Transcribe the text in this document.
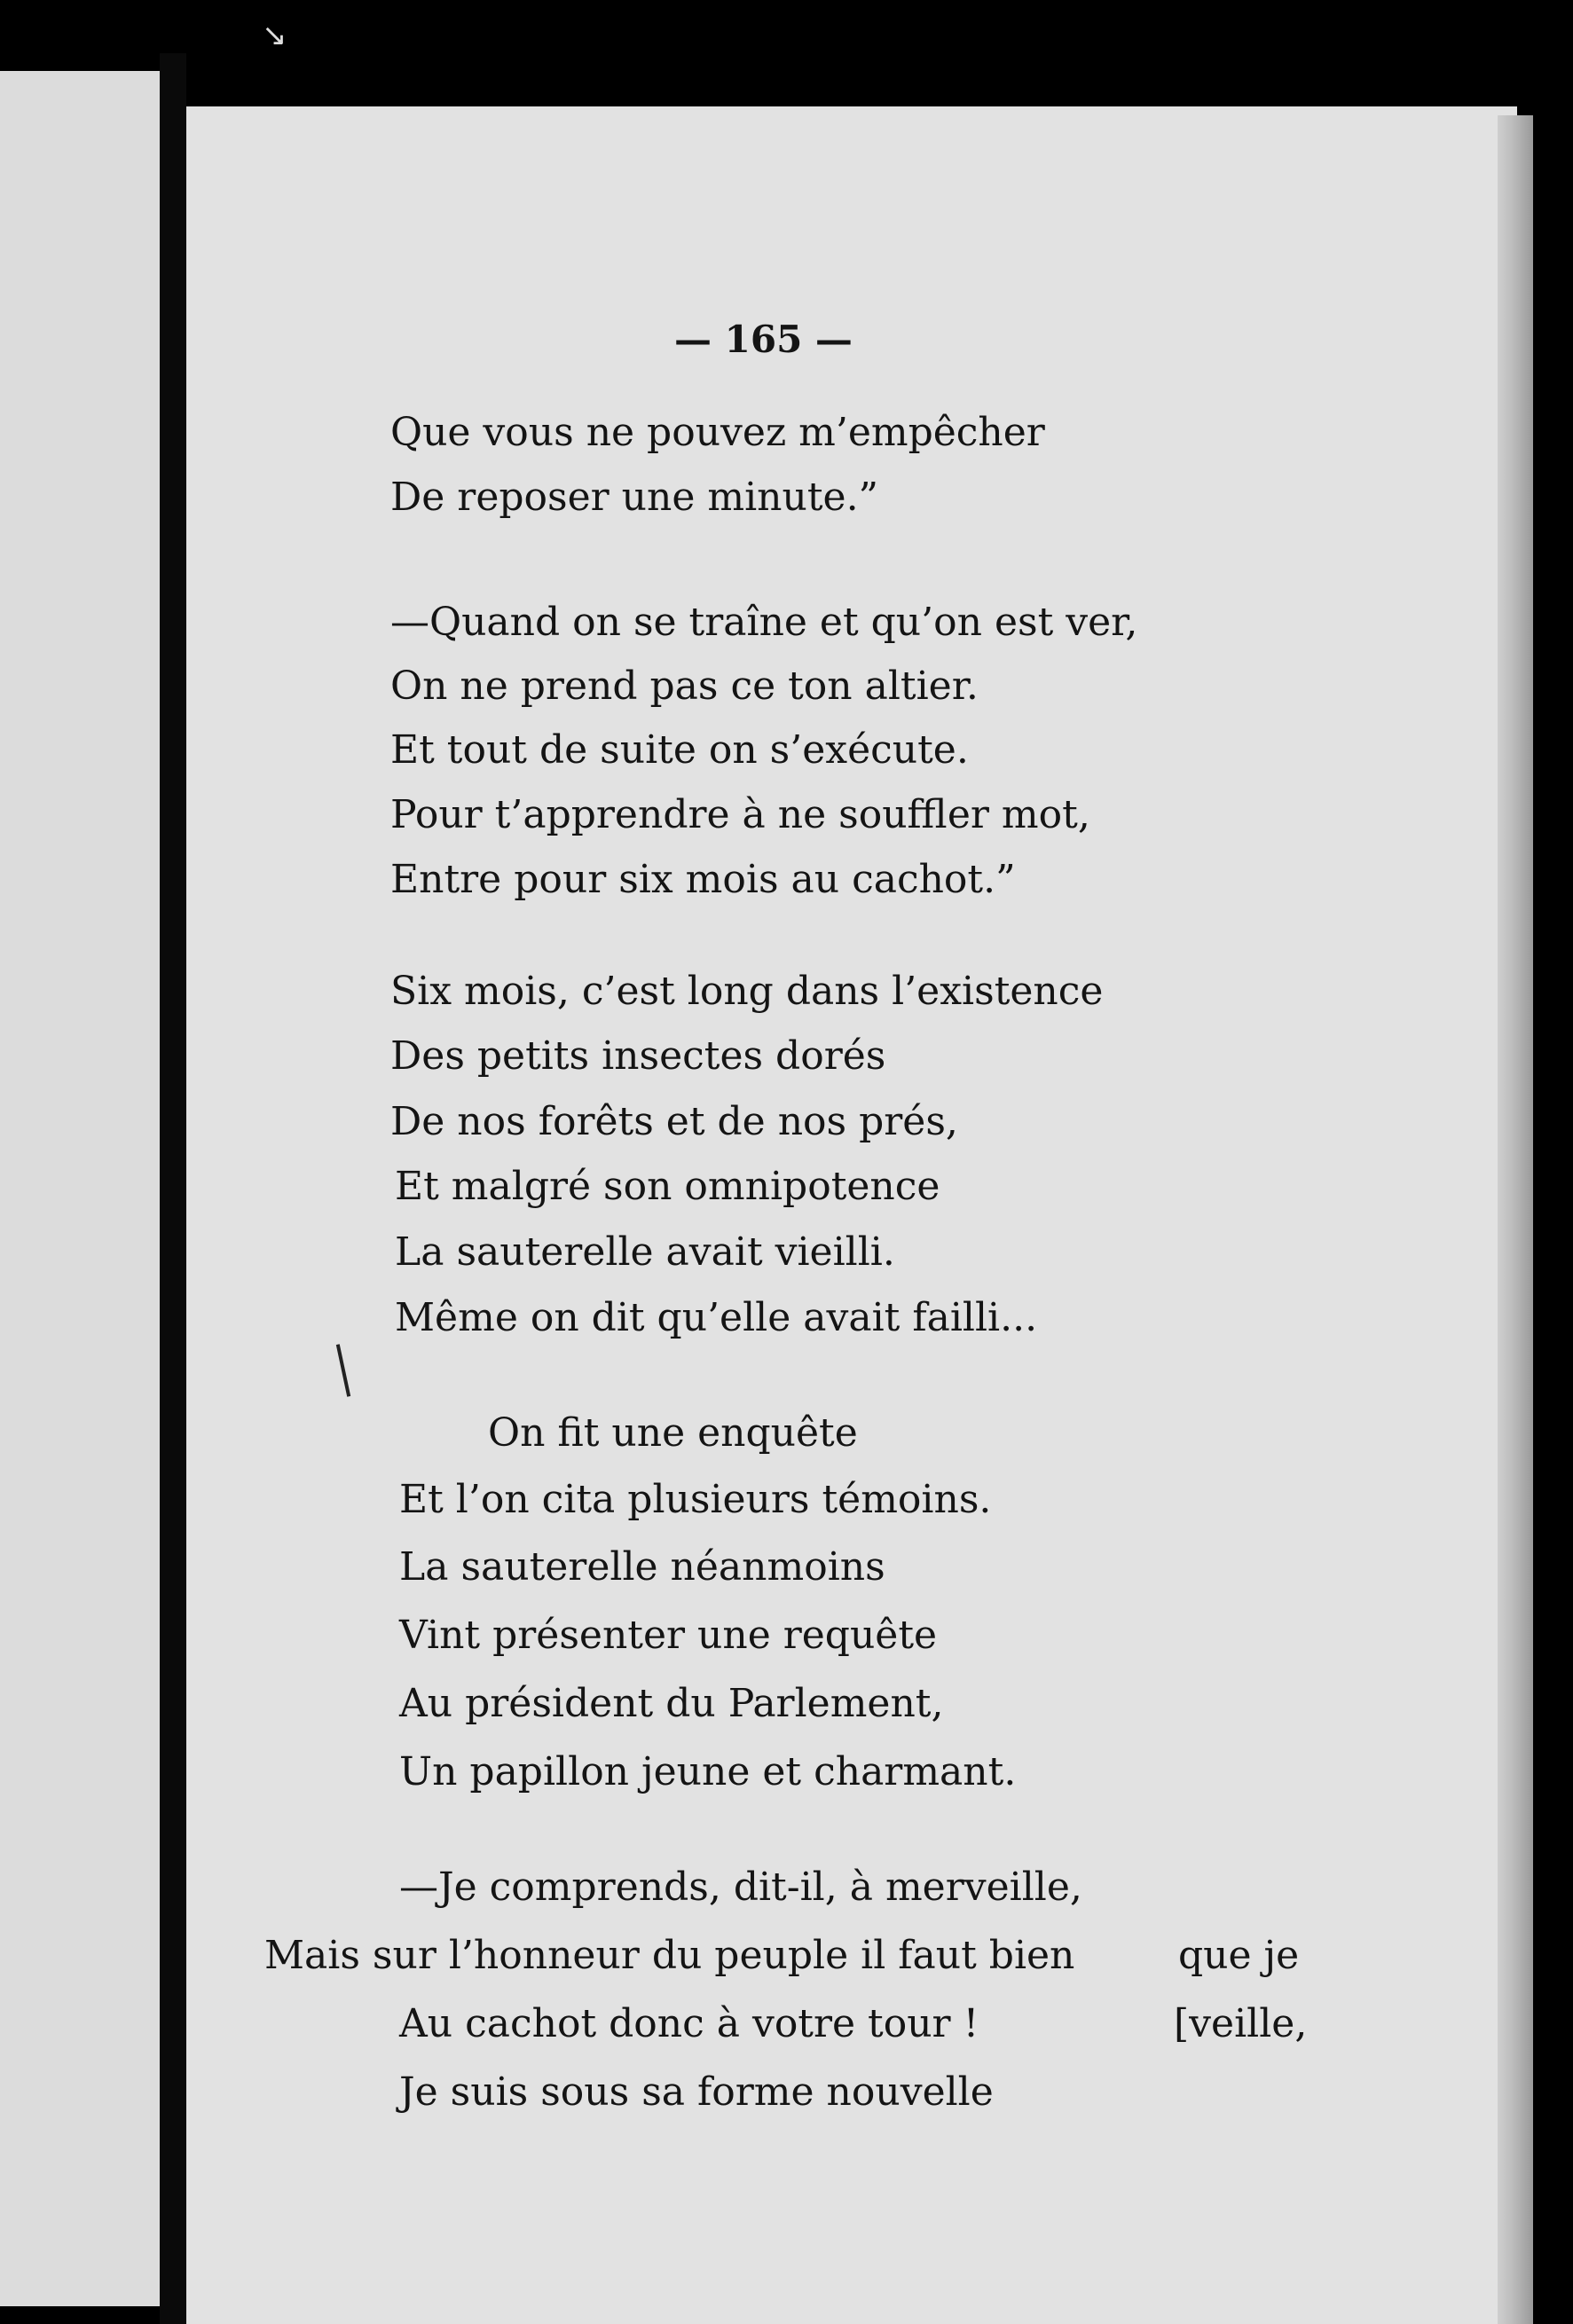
↘
— 165 —
Que vous ne pouvez m’empêcher
De reposer une minute.”
—Quand on se traîne et qu’on est ver,
On ne prend pas ce ton altier.
Et tout de suite on s’exécute.
Pour t’apprendre à ne souffler mot,
Entre pour six mois au cachot.”
Six mois, c’est long dans l’existence
Des petits insectes dorés
De nos forêts et de nos prés,
Et malgré son omnipotence
La sauterelle avait vieilli.
Même on dit qu’elle avait failli...
On fit une enquête
Et l’on cita plusieurs témoins.
La sauterelle néanmoins
Vint présenter une requête
Au président du Parlement,
Un papillon jeune et charmant.
—Je comprends, dit-il, à merveille,
Mais sur l’honneur du peuple il faut bien	que je
Au cachot donc à votre tour !	[veille,
Je suis sous sa forme nouvelle
